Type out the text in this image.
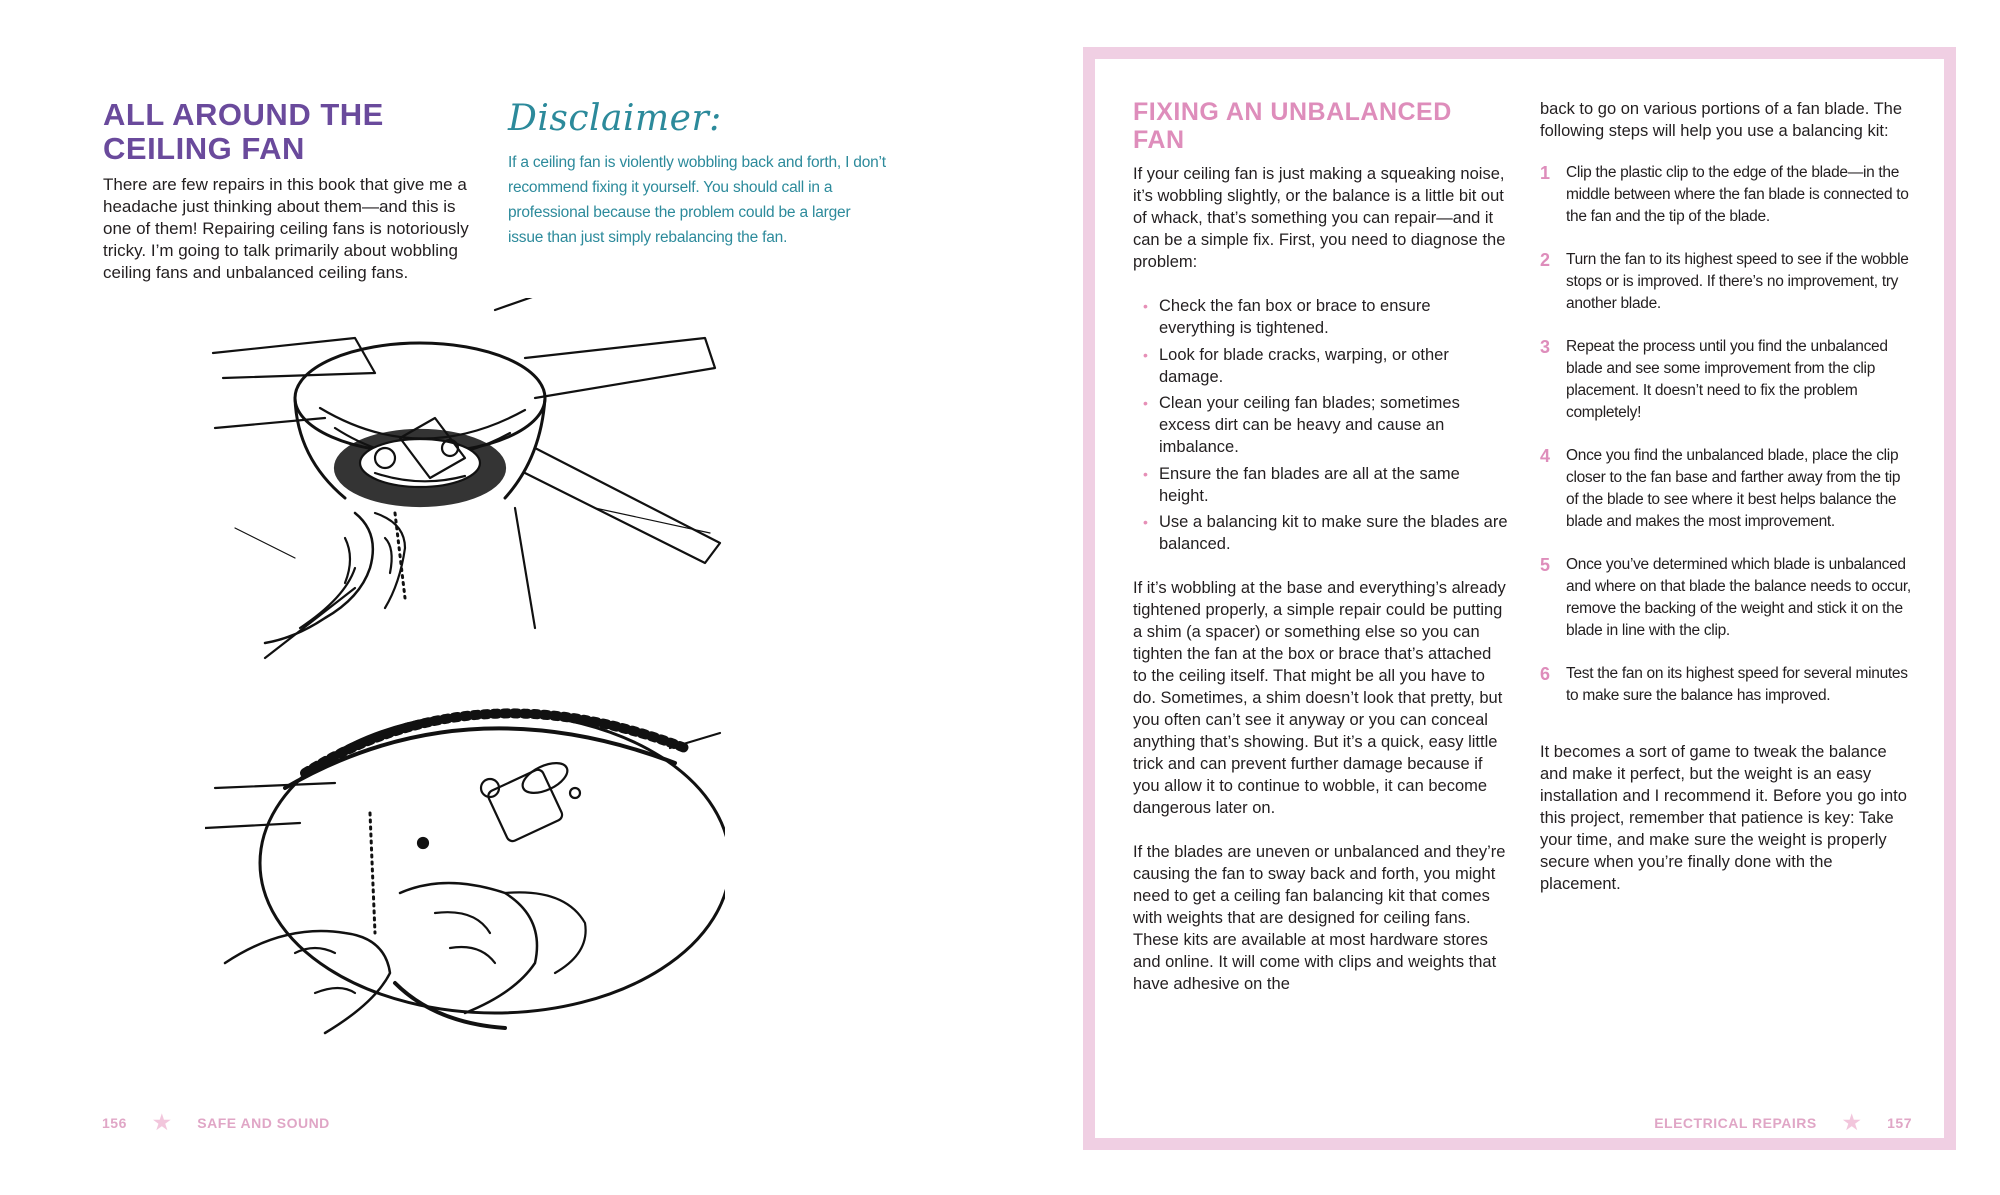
ALL AROUND THE CEILING FAN

There are few repairs in this book that give me a headache just thinking about them—and this is one of them! Repairing ceiling fans is notoriously tricky. I’m going to talk primarily about wobbling ceiling fans and unbalanced ceiling fans.

Disclaimer:

If a ceiling fan is violently wobbling back and forth, I don’t recommend fixing it yourself. You should call in a professional because the problem could be a larger issue than just simply rebalancing the fan.

156 ★ SAFE AND SOUND
FIXING AN UNBALANCED FAN

If your ceiling fan is just making a squeaking noise, it’s wobbling slightly, or the balance is a little bit out of whack, that’s something you can repair—and it can be a simple fix. First, you need to diagnose the problem:

• Check the fan box or brace to ensure everything is tightened.
• Look for blade cracks, warping, or other damage.
• Clean your ceiling fan blades; sometimes excess dirt can be heavy and cause an imbalance.
• Ensure the fan blades are all at the same height.
• Use a balancing kit to make sure the blades are balanced.

If it’s wobbling at the base and everything’s already tightened properly, a simple repair could be putting a shim (a spacer) or something else so you can tighten the fan at the box or brace that’s attached to the ceiling itself. That might be all you have to do. Sometimes, a shim doesn’t look that pretty, but you often can’t see it anyway or you can conceal anything that’s showing. But it’s a quick, easy little trick and can prevent further damage because if you allow it to continue to wobble, it can become dangerous later on.

If the blades are uneven or unbalanced and they’re causing the fan to sway back and forth, you might need to get a ceiling fan balancing kit that comes with weights that are designed for ceiling fans. These kits are available at most hardware stores and online. It will come with clips and weights that have adhesive on the

back to go on various portions of a fan blade. The following steps will help you use a balancing kit:

1 Clip the plastic clip to the edge of the blade—in the middle between where the fan blade is connected to the fan and the tip of the blade.
2 Turn the fan to its highest speed to see if the wobble stops or is improved. If there’s no improvement, try another blade.
3 Repeat the process until you find the unbalanced blade and see some improvement from the clip placement. It doesn’t need to fix the problem completely!
4 Once you find the unbalanced blade, place the clip closer to the fan base and farther away from the tip of the blade to see where it best helps balance the blade and makes the most improvement.
5 Once you’ve determined which blade is unbalanced and where on that blade the balance needs to occur, remove the backing of the weight and stick it on the blade in line with the clip.
6 Test the fan on its highest speed for several minutes to make sure the balance has improved.

It becomes a sort of game to tweak the balance and make it perfect, but the weight is an easy installation and I recommend it. Before you go into this project, remember that patience is key: Take your time, and make sure the weight is properly secure when you’re finally done with the placement.

ELECTRICAL REPAIRS ★ 157
